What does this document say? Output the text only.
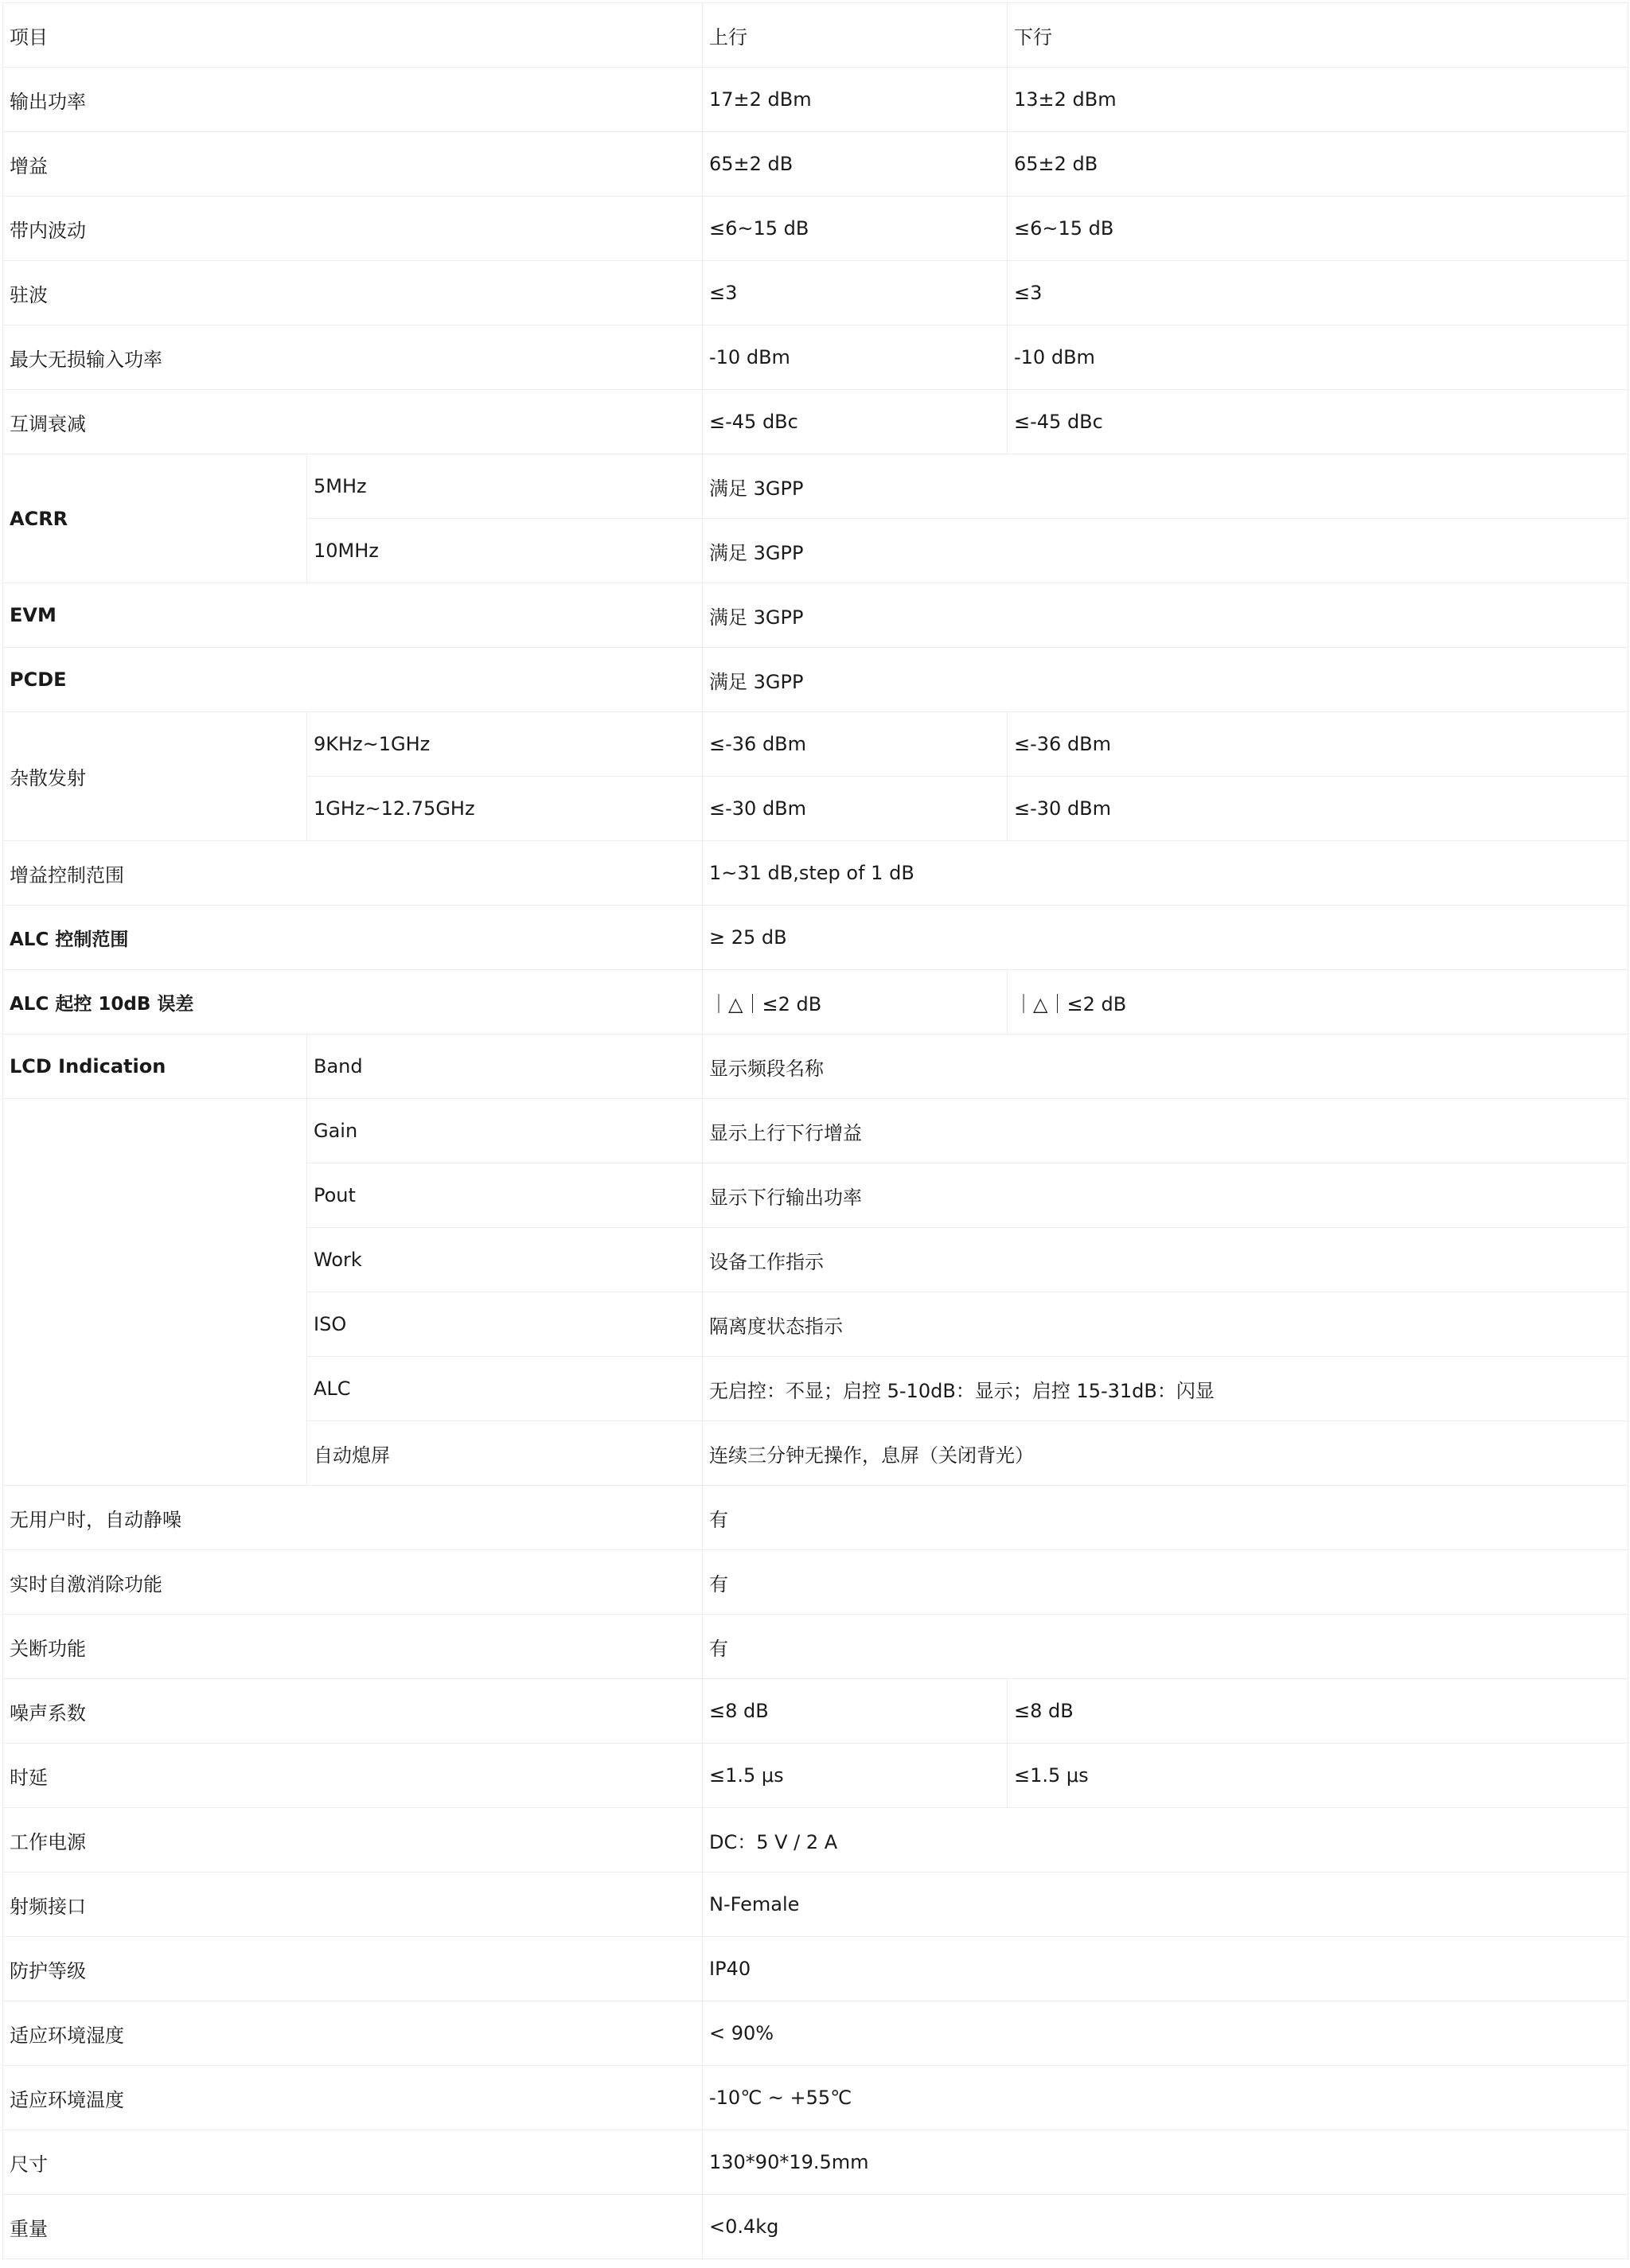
项目		上行	下行
输出功率		17±2 dBm	13±2 dBm
增益		65±2 dB	65±2 dB
带内波动		≤6~15 dB	≤6~15 dB
驻波		≤3	≤3
最大无损输入功率		-10 dBm	-10 dBm
互调衰减		≤-45 dBc	≤-45 dBc
ACRR	5MHz	满足 3GPP	
	10MHz	满足 3GPP	
EVM		满足 3GPP	
PCDE		满足 3GPP	
杂散发射	9KHz~1GHz	≤-36 dBm	≤-36 dBm
	1GHz~12.75GHz	≤-30 dBm	≤-30 dBm
增益控制范围		1~31 dB,step of 1 dB	
ALC 控制范围		≥ 25 dB	
ALC 起控 10dB 误差		｜△｜≤2 dB	｜△｜≤2 dB
LCD Indication	Band	显示频段名称	
	Gain	显示上行下行增益	
	Pout	显示下行输出功率	
	Work	设备工作指示	
	ISO	隔离度状态指示	
	ALC	无启控：不显；启控 5-10dB：显示；启控 15-31dB：闪显	
	自动熄屏	连续三分钟无操作，息屏（关闭背光）	
无用户时，自动静噪		有	
实时自激消除功能		有	
关断功能		有	
噪声系数		≤8 dB	≤8 dB
时延		≤1.5 μs	≤1.5 μs
工作电源		DC：5 V / 2 A	
射频接口		N-Female	
防护等级		IP40	
适应环境湿度		< 90%	
适应环境温度		-10℃ ~ +55℃	
尺寸		130*90*19.5mm	
重量		<0.4kg	
